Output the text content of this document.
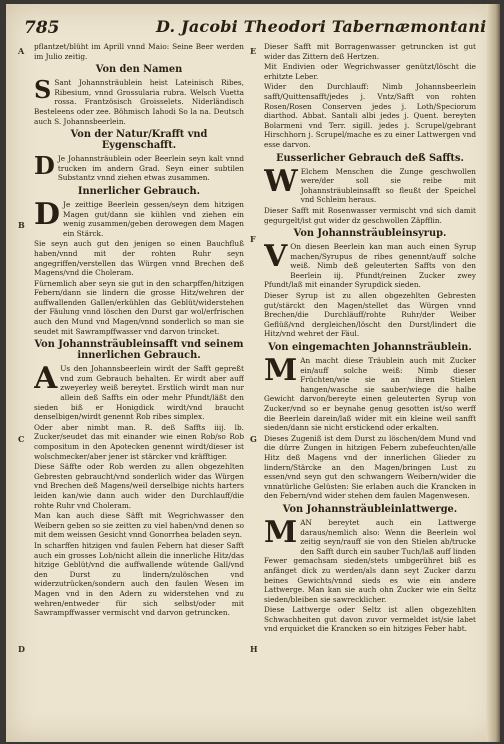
785	D. Jacobi Theodori Tabernæmontani
A	E
B
F
C	G
D	H

pflantzet/blüht im Aprill vnnd Maio: Seine Beer werden im Julio zeitig.

Von den Namen

S Sant Johannsträublein heist Lateinisch Ribes, Ribesium, vnnd Grossularia rubra. Welsch Vuetta rossa. Frantzösisch Groisselets. Niderländisch Besteleens oder zee. Böhmisch Iahodi So la na. Deutsch auch S. Johannsbeerlein.

Von der Natur/Krafft vnd Eygenschafft.

D Je Johannsträublein oder Beerlein seyn kalt vnnd trucken im andern Grad. Seyn einer subtilen Substantz vnnd ziehen etwas zusammen.

Innerlicher Gebrauch.

D Je zeittige Beerlein gessen/seyn dem hitzigen Magen gut/dann sie kühlen vnd ziehen ein wenig zusammen/geben derowegen dem Magen ein Stärck.

Sie seyn auch gut den jenigen so einen Bauchfluß haben/vnnd mit der rohten Ruhr seyn angegriffen/verstellen das Würgen vnnd Brechen deß Magens/vnd die Choleram.

Fürnemlich aber seyn sie gut in den scharpffen/hitzigen Febern/dann sie lindern die grosse Hitz/wehren der auffwallenden Gallen/erkühlen das Geblüt/widerstehen der Fäulung vnnd löschen den Durst gar wol/erfrischen auch den Mund vnd Magen/vnnd sonderlich so man sie seudet mit Sawrampffwasser vnd darvon trincket.

Von Johannsträubleinsafft vnd seinem innerlichen Gebrauch.

A Us den Johannsbeerlein wirdt der Safft gepreßt vnd zum Gebrauch behalten. Er wirdt aber auff zweyerley weiß bereytet. Erstlich wirdt man nur allein deß Saffts ein oder mehr Pfundt/läßt den sieden biß er Honigdick wirdt/vnd braucht denselbigen/wirdt genennt Rob ribes simplex.

Oder aber nimbt man. R. deß Saffts iiij. lb. Zucker/seudet das mit einander wie einen Rob/so Rob compositum in den Apotecken genennt wirdt/dieser ist wolschmecker/aber jener ist stärcker vnd kräfftiger.

Diese Säffte oder Rob werden zu allen obgezehlten Gebresten gebraucht/vnd sonderlich wider das Würgen vnd Brechen deß Magens/weil derselbige nichts harters leiden kan/wie dann auch wider den Durchlauff/die rohte Ruhr vnd Choleram.

Man kan auch diese Säfft mit Wegrichwasser den Weibern geben so sie zeitten zu viel haben/vnd denen so mit dem weissen Gesicht vnnd Gonorrhea beladen seyn.

In scharffen hitzigen vnd faulen Febern hat dieser Safft auch ein grosses Lob/nicht allein die innerliche Hitz/das hitzige Geblüt/vnd die auffwallende wütende Gall/vnd den Durst zu lindern/zulöschen vnd widerzutrücken/sondern auch den faulen Wesen im Magen vnd in den Adern zu widerstehen vnd zu wehren/entweder für sich selbst/oder mit Sawrampffwasser vermischt vnd darvon getruncken.

Dieser Safft mit Borragenwasser getruncken ist gut wider das Zittern deß Hertzen.

Mit Endivien oder Wegrichwasser genützt/löscht die erhitzte Leber.

Wider den Durchlauff: Nimb Johannsbeerlein safft/Quittensafft/jedes j. Vntz/Safft von rohten Rosen/Rosen Conserven jedes j. Loth/Speciorum diarthod. Abbat. Santali albi jedes j. Quent. bereyten Bolarmeni vnd Terr. sigill. jedes j. Scrupel/gebrant Hirschhorn j. Scrupel/mache es zu einer Lattwergen vnd esse darvon.

Eusserlicher Gebrauch deß Saffts.

W Elchem Menschen die Zunge geschwollen were/der soll sie reibe mit Johannsträubleinsafft so fleußt der Speichel vnd Schleim heraus.

Dieser Safft mit Rosenwasser vermischt vnd sich damit gegurgelt/ist gut wider dz geschwollen Zäpfflin.

Von Johannsträubleinsyrup.

V On diesen Beerlein kan man auch einen Syrup machen/Syrupus de ribes genennt/auff solche weiß. Nimb deß geleuterten Saffts von den Beerlein iij. Pfundt/reinen Zucker zwey Pfundt/laß mit einander Syrupdick sieden.

Dieser Syrup ist zu allen obgezehlten Gebresten gut/stärckt den Magen/stellet das Würgen vnnd Brechen/die Durchläuff/rohte Ruhr/der Weiber Geflüß/vnd dergleichen/löscht den Durst/lindert die Hitz/vnd wehret der Fäul.

Von eingemachten Johannsträublein.

M An macht diese Träublein auch mit Zucker ein/auff solche weiß: Nimb dieser Früchten/wie sie an ihren Stielen hangen/wasche sie sauber/wiege die halbe Gewicht darvon/bereyte einen geleuterten Syrup von Zucker/vnd so er beynahe genug gesotten ist/so werff die Beerlein darein/laß wider mit ein kleine weil sanfft sieden/dann sie nicht erstickend oder erkalten.

Dieses Zugeniß ist dem Durst zu löschen/dem Mund vnd die dürre Zungen in hitzigen Febern zubefeuchten/alle Hitz deß Magens vnd der innerlichen Glieder zu lindern/Stärcke an den Magen/bringen Lust zu essen/vnd seyn gut den schwangern Weibern/wider die vnnatürliche Gelüsten: Sie erlaben auch die Krancken in den Febern/vnd wider stehen dem faulen Magenwesen.

Von Johannsträubleinlattwerge.

MAN bereytet auch ein Lattwerge daraus/nemlich also: Wenn die Beerlein wol zeitig seyn/rauff sie von den Stielen ab/trucke den Safft durch ein sauber Tuch/laß auff linden Fewer gemachsam sieden/stets umbgerühret biß es anfänget dick zu werden/als dann seyt Zucker darzu beines Gewichts/vnnd sieds es wie ein andere Lattwerge. Man kan sie auch ohn Zucker wie ein Seltz sieden/bleiben sie sawrecklicher.

Diese Lattwerge oder Seltz ist allen obgezehlten Schwachheiten gut davon zuvor vermeldet ist/sie labet vnd erquicket die Krancken so ein hitziges Feber habt.
